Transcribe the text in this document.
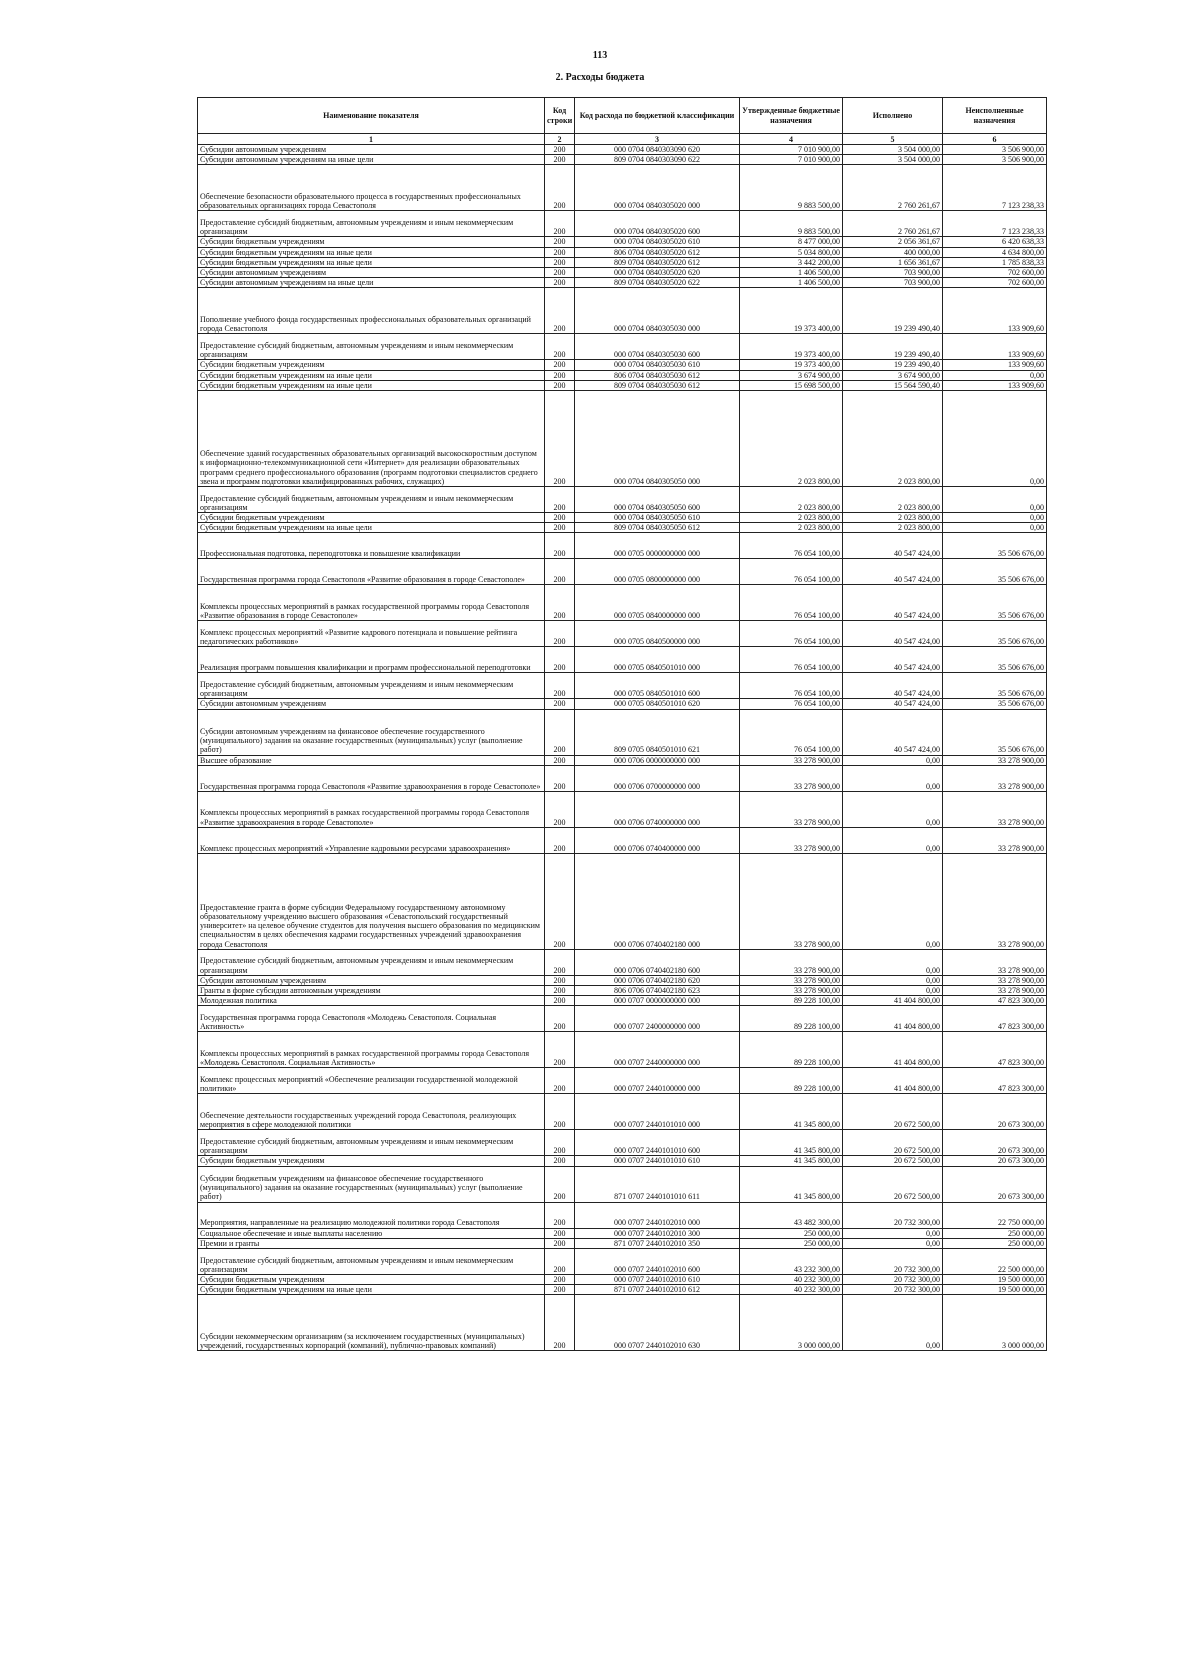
113
2. Расходы бюджета
Наименование показателя	Код строки	Код расхода по бюджетной классификации	Утвержденные бюджетные назначения	Исполнено	Неисполненные назначения
1	2	3	4	5	6
Субсидии автономным учреждениям	200	000 0704 0840303090 620	7 010 900,00	3 504 000,00	3 506 900,00
Субсидии автономным учреждениям на иные цели	200	809 0704 0840303090 622	7 010 900,00	3 504 000,00	3 506 900,00
Обеспечение безопасности образовательного процесса в государственных профессиональных образовательных организациях города Севастополя	200	000 0704 0840305020 000	9 883 500,00	2 760 261,67	7 123 238,33
Предоставление субсидий бюджетным, автономным учреждениям и иным некоммерческим организациям	200	000 0704 0840305020 600	9 883 500,00	2 760 261,67	7 123 238,33
Субсидии бюджетным учреждениям	200	000 0704 0840305020 610	8 477 000,00	2 056 361,67	6 420 638,33
Субсидии бюджетным учреждениям на иные цели	200	806 0704 0840305020 612	5 034 800,00	400 000,00	4 634 800,00
Субсидии бюджетным учреждениям на иные цели	200	809 0704 0840305020 612	3 442 200,00	1 656 361,67	1 785 838,33
Субсидии автономным учреждениям	200	000 0704 0840305020 620	1 406 500,00	703 900,00	702 600,00
Субсидии автономным учреждениям на иные цели	200	809 0704 0840305020 622	1 406 500,00	703 900,00	702 600,00
Пополнение учебного фонда государственных профессиональных образовательных организаций города Севастополя	200	000 0704 0840305030 000	19 373 400,00	19 239 490,40	133 909,60
Предоставление субсидий бюджетным, автономным учреждениям и иным некоммерческим организациям	200	000 0704 0840305030 600	19 373 400,00	19 239 490,40	133 909,60
Субсидии бюджетным учреждениям	200	000 0704 0840305030 610	19 373 400,00	19 239 490,40	133 909,60
Субсидии бюджетным учреждениям на иные цели	200	806 0704 0840305030 612	3 674 900,00	3 674 900,00	0,00
Субсидии бюджетным учреждениям на иные цели	200	809 0704 0840305030 612	15 698 500,00	15 564 590,40	133 909,60
Обеспечение зданий государственных образовательных организаций высокоскоростным доступом к информационно-телекоммуникационной сети «Интернет» для реализации образовательных программ среднего профессионального образования (программ подготовки специалистов среднего звена и программ подготовки квалифицированных рабочих, служащих)	200	000 0704 0840305050 000	2 023 800,00	2 023 800,00	0,00
Предоставление субсидий бюджетным, автономным учреждениям и иным некоммерческим организациям	200	000 0704 0840305050 600	2 023 800,00	2 023 800,00	0,00
Субсидии бюджетным учреждениям	200	000 0704 0840305050 610	2 023 800,00	2 023 800,00	0,00
Субсидии бюджетным учреждениям на иные цели	200	809 0704 0840305050 612	2 023 800,00	2 023 800,00	0,00
Профессиональная подготовка, переподготовка и повышение квалификации	200	000 0705 0000000000 000	76 054 100,00	40 547 424,00	35 506 676,00
Государственная программа города Севастополя «Развитие образования в городе Севастополе»	200	000 0705 0800000000 000	76 054 100,00	40 547 424,00	35 506 676,00
Комплексы процессных мероприятий в рамках государственной программы города Севастополя «Развитие образования в городе Севастополе»	200	000 0705 0840000000 000	76 054 100,00	40 547 424,00	35 506 676,00
Комплекс процессных мероприятий «Развитие кадрового потенциала и повышение рейтинга педагогических работников»	200	000 0705 0840500000 000	76 054 100,00	40 547 424,00	35 506 676,00
Реализация программ повышения квалификации и программ профессиональной переподготовки	200	000 0705 0840501010 000	76 054 100,00	40 547 424,00	35 506 676,00
Предоставление субсидий бюджетным, автономным учреждениям и иным некоммерческим организациям	200	000 0705 0840501010 600	76 054 100,00	40 547 424,00	35 506 676,00
Субсидии автономным учреждениям	200	000 0705 0840501010 620	76 054 100,00	40 547 424,00	35 506 676,00
Субсидии автономным учреждениям на финансовое обеспечение государственного (муниципального) задания на оказание государственных (муниципальных) услуг (выполнение работ)	200	809 0705 0840501010 621	76 054 100,00	40 547 424,00	35 506 676,00
Высшее образование	200	000 0706 0000000000 000	33 278 900,00	0,00	33 278 900,00
Государственная программа города Севастополя «Развитие здравоохранения в городе Севастополе»	200	000 0706 0700000000 000	33 278 900,00	0,00	33 278 900,00
Комплексы процессных мероприятий в рамках государственной программы города Севастополя «Развитие здравоохранения в городе Севастополе»	200	000 0706 0740000000 000	33 278 900,00	0,00	33 278 900,00
Комплекс процессных мероприятий «Управление кадровыми ресурсами здравоохранения»	200	000 0706 0740400000 000	33 278 900,00	0,00	33 278 900,00
Предоставление гранта в форме субсидии Федеральному государственному автономному образовательному учреждению высшего образования «Севастопольский государственный университет» на целевое обучение студентов для получения высшего образования по медицинским специальностям в целях обеспечения кадрами государственных учреждений здравоохранения города Севастополя	200	000 0706 0740402180 000	33 278 900,00	0,00	33 278 900,00
Предоставление субсидий бюджетным, автономным учреждениям и иным некоммерческим организациям	200	000 0706 0740402180 600	33 278 900,00	0,00	33 278 900,00
Субсидии автономным учреждениям	200	000 0706 0740402180 620	33 278 900,00	0,00	33 278 900,00
Гранты в форме субсидии автономным учреждениям	200	806 0706 0740402180 623	33 278 900,00	0,00	33 278 900,00
Молодежная политика	200	000 0707 0000000000 000	89 228 100,00	41 404 800,00	47 823 300,00
Государственная программа города Севастополя «Молодежь Севастополя. Социальная Активность»	200	000 0707 2400000000 000	89 228 100,00	41 404 800,00	47 823 300,00
Комплексы процессных мероприятий в рамках государственной программы города Севастополя «Молодежь Севастополя. Социальная Активность»	200	000 0707 2440000000 000	89 228 100,00	41 404 800,00	47 823 300,00
Комплекс процессных мероприятий «Обеспечение реализации государственной молодежной политики»	200	000 0707 2440100000 000	89 228 100,00	41 404 800,00	47 823 300,00
Обеспечение деятельности государственных учреждений города Севастополя, реализующих мероприятия в сфере молодежной политики	200	000 0707 2440101010 000	41 345 800,00	20 672 500,00	20 673 300,00
Предоставление субсидий бюджетным, автономным учреждениям и иным некоммерческим организациям	200	000 0707 2440101010 600	41 345 800,00	20 672 500,00	20 673 300,00
Субсидии бюджетным учреждениям	200	000 0707 2440101010 610	41 345 800,00	20 672 500,00	20 673 300,00
Субсидии бюджетным учреждениям на финансовое обеспечение государственного (муниципального) задания на оказание государственных (муниципальных) услуг (выполнение работ)	200	871 0707 2440101010 611	41 345 800,00	20 672 500,00	20 673 300,00
Мероприятия, направленные на реализацию молодежной политики города Севастополя	200	000 0707 2440102010 000	43 482 300,00	20 732 300,00	22 750 000,00
Социальное обеспечение и иные выплаты населению	200	000 0707 2440102010 300	250 000,00	0,00	250 000,00
Премии и гранты	200	871 0707 2440102010 350	250 000,00	0,00	250 000,00
Предоставление субсидий бюджетным, автономным учреждениям и иным некоммерческим организациям	200	000 0707 2440102010 600	43 232 300,00	20 732 300,00	22 500 000,00
Субсидии бюджетным учреждениям	200	000 0707 2440102010 610	40 232 300,00	20 732 300,00	19 500 000,00
Субсидии бюджетным учреждениям на иные цели	200	871 0707 2440102010 612	40 232 300,00	20 732 300,00	19 500 000,00
Субсидии некоммерческим организациям (за исключением государственных (муниципальных) учреждений, государственных корпораций (компаний), публично-правовых компаний)	200	000 0707 2440102010 630	3 000 000,00	0,00	3 000 000,00
